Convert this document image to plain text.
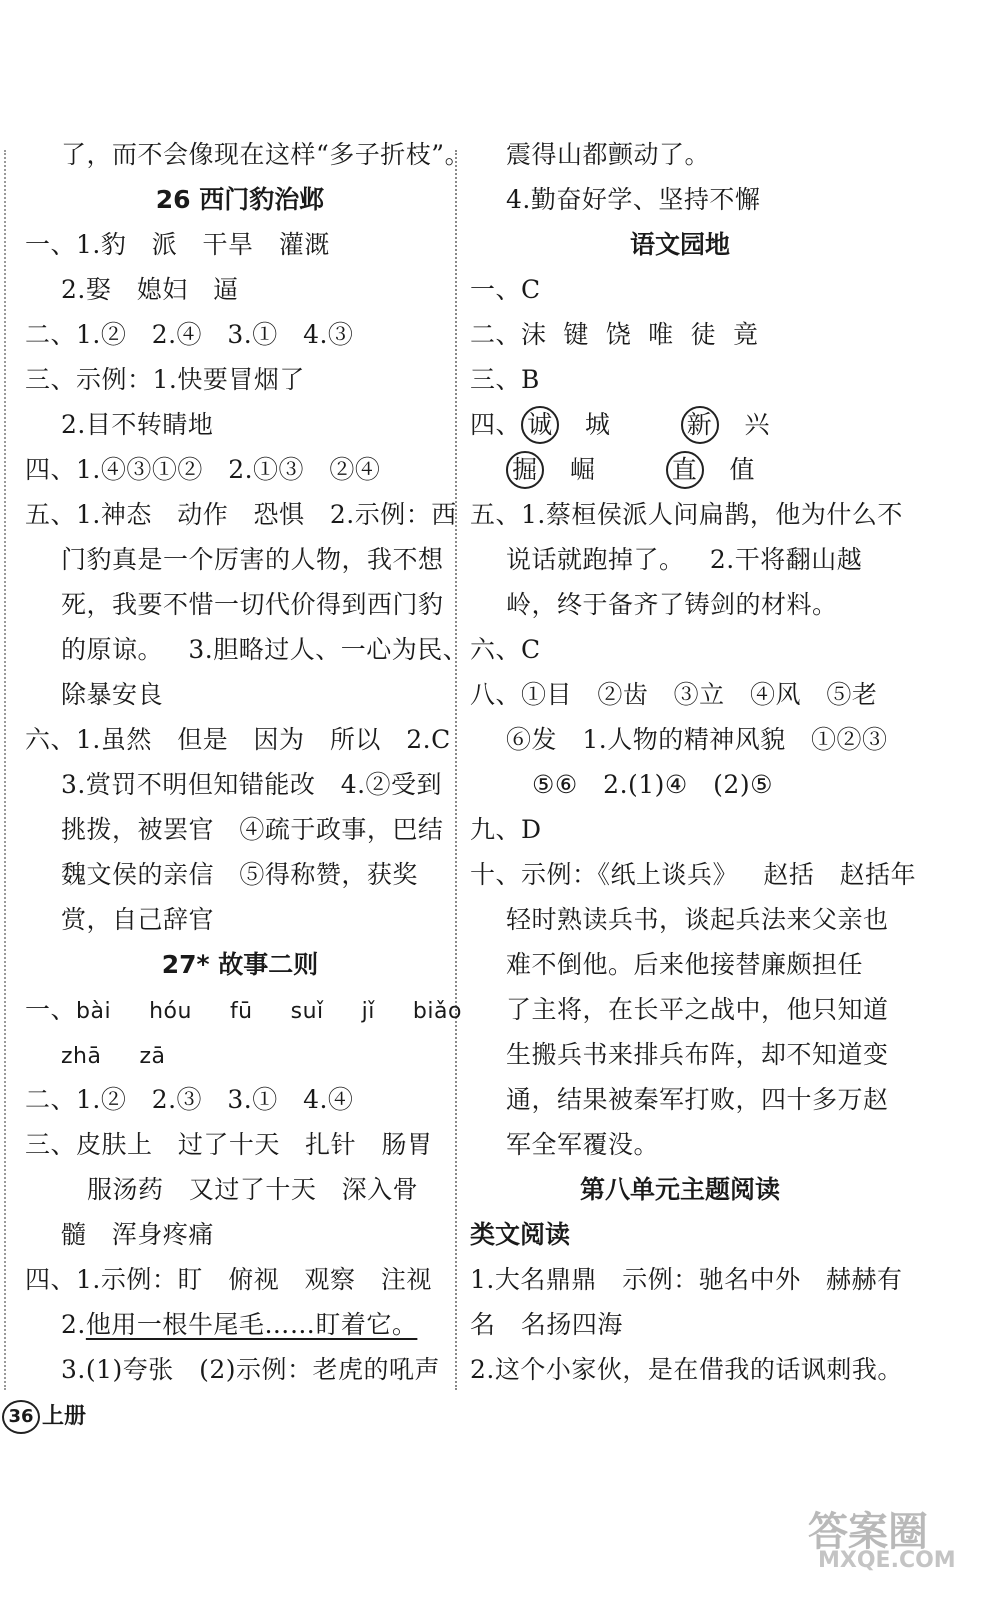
了，而不会像现在这样“多子折枝”。
26 西门豹治邺
一、1.豹   派   干旱   灌溉
2.娶   媳妇   逼
二、1.②   2.④   3.①   4.③
三、示例：1.快要冒烟了
2.目不转睛地
四、1.④③①②   2.①③   ②④
五、1.神态   动作   恐惧   2.示例：西
门豹真是一个厉害的人物，我不想
死，我要不惜一切代价得到西门豹
的原谅。   3.胆略过人、一心为民、
除暴安良
六、1.虽然   但是   因为   所以   2.C
3.赏罚不明但知错能改   4.②受到
挑拨，被罢官   ④疏于政事，巴结
魏文侯的亲信   ⑤得称赞，获奖
赏，自己辞官
27* 故事二则
一、bài hóu fū suǐ jǐ biǎo
zhā zā
二、1.②   2.③   3.①   4.④
三、皮肤上   过了十天   扎针   肠胃
服汤药   又过了十天   深入骨
髓   浑身疼痛
四、1.示例：盯   俯视   观察   注视
2.他用一根牛尾毛……盯着它。
3.(1)夸张   (2)示例：老虎的吼声
震得山都颤动了。
4.勤奋好学、坚持不懈
语文园地
一、C
二、沫  键  饶  唯  徒  竟
三、B
四、 诚 城	新 兴
掘 崛	直 值
五、1.蔡桓侯派人问扁鹊，他为什么不
说话就跑掉了。   2.干将翻山越
岭，终于备齐了铸剑的材料。
六、C
八、①目   ②齿   ③立   ④风   ⑤老
⑥发   1.人物的精神风貌   ①②③
⑤⑥   2.(1)④   (2)⑤
九、D
十、示例：《纸上谈兵》   赵括   赵括年
轻时熟读兵书，谈起兵法来父亲也
难不倒他。后来他接替廉颇担任
了主将，在长平之战中，他只知道
生搬兵书来排兵布阵，却不知道变
通，结果被秦军打败，四十多万赵
军全军覆没。
第八单元主题阅读
类文阅读
1.大名鼎鼎   示例：驰名中外   赫赫有
名   名扬四海
2.这个小家伙，是在借我的话讽刺我。
36 上册
答案圈
MXQE.COM
